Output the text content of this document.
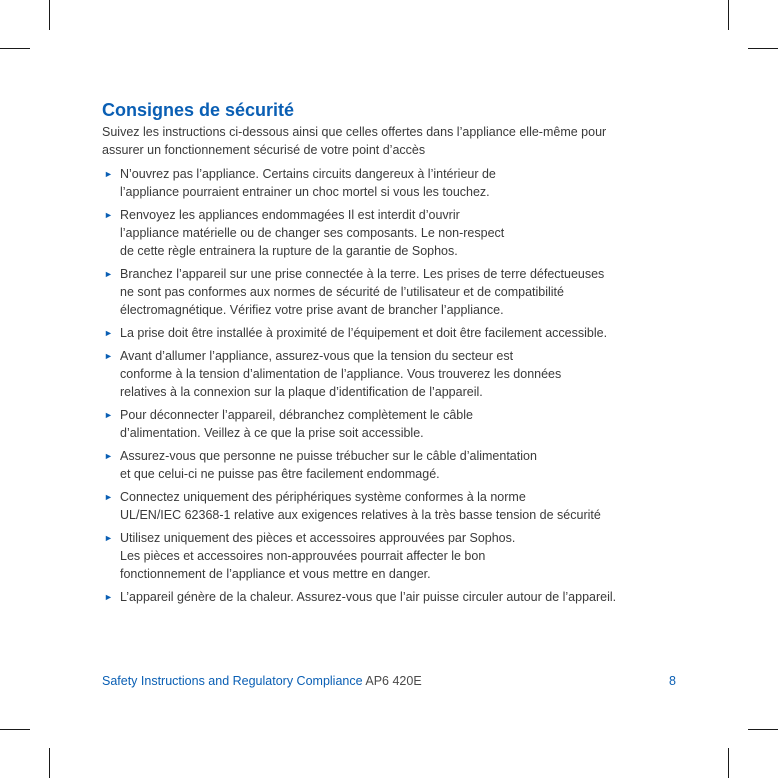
Consignes de sécurité

Suivez les instructions ci-dessous ainsi que celles offertes dans l’appliance elle-même pour
assurer un fonctionnement sécurisé de votre point d’accès

► N’ouvrez pas l’appliance. Certains circuits dangereux à l’intérieur de
l’appliance pourraient entrainer un choc mortel si vous les touchez.
► Renvoyez les appliances endommagées Il est interdit d’ouvrir
l’appliance matérielle ou de changer ses composants. Le non-respect
de cette règle entrainera la rupture de la garantie de Sophos.
► Branchez l’appareil sur une prise connectée à la terre. Les prises de terre défectueuses
ne sont pas conformes aux normes de sécurité de l’utilisateur et de compatibilité
électromagnétique. Vérifiez votre prise avant de brancher l’appliance.
► La prise doit être installée à proximité de l’équipement et doit être facilement accessible.
► Avant d’allumer l’appliance, assurez-vous que la tension du secteur est
conforme à la tension d’alimentation de l’appliance. Vous trouverez les données
relatives à la connexion sur la plaque d’identification de l’appareil.
► Pour déconnecter l’appareil, débranchez complètement le câble
d’alimentation. Veillez à ce que la prise soit accessible.
► Assurez-vous que personne ne puisse trébucher sur le câble d’alimentation
et que celui-ci ne puisse pas être facilement endommagé.
► Connectez uniquement des périphériques système conformes à la norme
UL/EN/IEC 62368-1 relative aux exigences relatives à la très basse tension de sécurité
► Utilisez uniquement des pièces et accessoires approuvées par Sophos.
Les pièces et accessoires non-approuvées pourrait affecter le bon
fonctionnement de l’appliance et vous mettre en danger.
► L’appareil génère de la chaleur. Assurez-vous que l’air puisse circuler autour de l’appareil.
Safety Instructions and Regulatory Compliance AP6 420E	8
